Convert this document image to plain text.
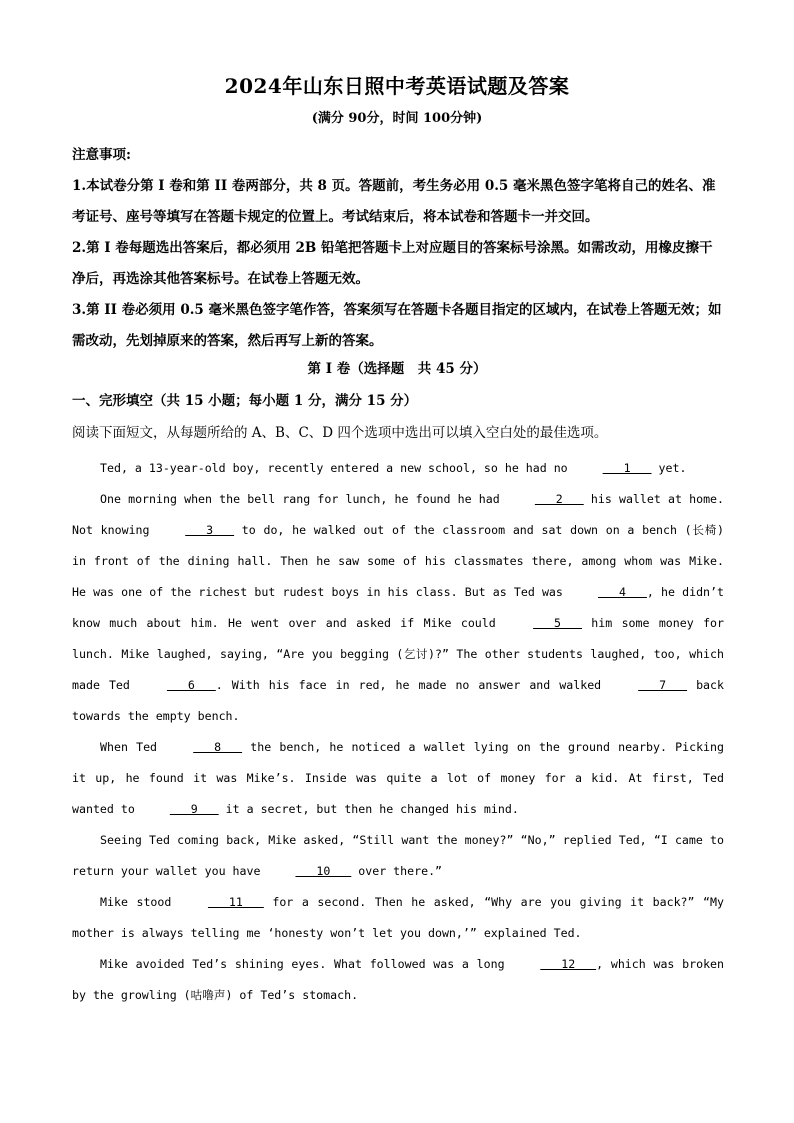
2024年山东日照中考英语试题及答案
(满分 90分，时间 100分钟)

注意事项:

1.本试卷分第 I 卷和第 II 卷两部分，共 8 页。答题前，考生务必用 0.5 毫米黑色签字笔将自己的姓名、准考证号、座号等填写在答题卡规定的位置上。考试结束后，将本试卷和答题卡一并交回。

2.第 I 卷每题选出答案后，都必须用 2B 铅笔把答题卡上对应题目的答案标号涂黑。如需改动，用橡皮擦干净后，再选涂其他答案标号。在试卷上答题无效。

3.第 II 卷必须用 0.5 毫米黑色签字笔作答，答案须写在答题卡各题目指定的区域内，在试卷上答题无效；如需改动，先划掉原来的答案，然后再写上新的答案。

第 I 卷（选择题　共 45 分）
一、完形填空（共 15 小题；每小题 1 分，满分 15 分）
阅读下面短文，从每题所给的 A、B、C、D 四个选项中选出可以填入空白处的最佳选项。

Ted, a 13-year-old boy, recently entered a new school, so he had no    1    yet.

One morning when the bell rang for lunch, he found he had    2    his wallet at home. Not knowing    3    to do, he walked out of the classroom and sat down on a bench (长椅) in front of the dining hall. Then he saw some of his classmates there, among whom was Mike. He was one of the richest but rudest boys in his class. But as Ted was    4   , he didn’t know much about him. He went over and asked if Mike could    5    him some money for lunch. Mike laughed, saying, “Are you begging (乞讨)?” The other students laughed, too, which made Ted    6   . With his face in red, he made no answer and walked    7    back towards the empty bench.

When Ted    8    the bench, he noticed a wallet lying on the ground nearby. Picking it up, he found it was Mike’s. Inside was quite a lot of money for a kid. At first, Ted wanted to    9    it a secret, but then he changed his mind.

Seeing Ted coming back, Mike asked, “Still want the money?” “No,” replied Ted, “I came to return your wallet you have    10    over there.”

Mike stood    11    for a second. Then he asked, “Why are you giving it back?” “My mother is always telling me ‘honesty won’t let you down,’” explained Ted.

Mike avoided Ted’s shining eyes. What followed was a long    12   , which was broken by the growling (咕噜声) of Ted’s stomach.
